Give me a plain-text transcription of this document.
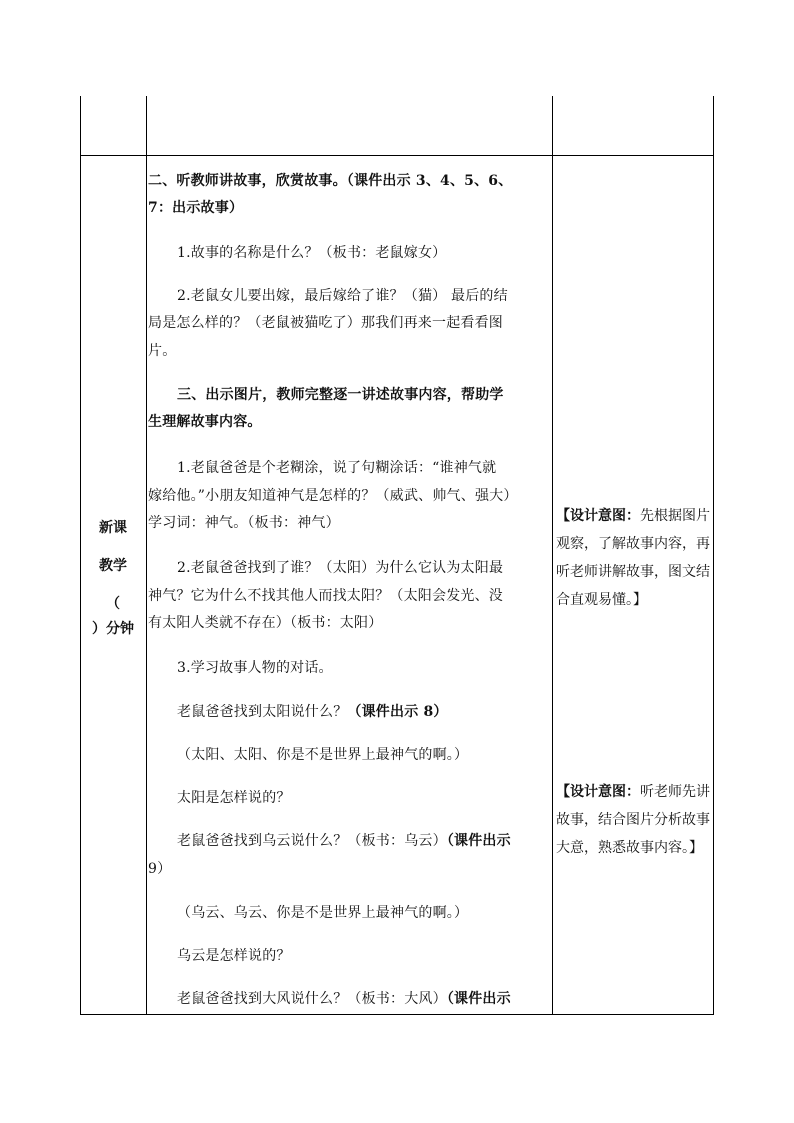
新课
教学
（
）分钟
二、听教师讲故事，欣赏故事。（课件出示 3、4、5、6、
7：出示故事）
1.故事的名称是什么？（板书：老鼠嫁女）
2.老鼠女儿要出嫁，最后嫁给了谁？（猫） 最后的结
局是怎么样的？（老鼠被猫吃了）那我们再来一起看看图
片。
三、出示图片，教师完整逐一讲述故事内容，帮助学
生理解故事内容。
1.老鼠爸爸是个老糊涂，说了句糊涂话：“谁神气就
嫁给他。”小朋友知道神气是怎样的？（威武、帅气、强大）
学习词：神气。（板书：神气）
2.老鼠爸爸找到了谁？（太阳）为什么它认为太阳最
神气？它为什么不找其他人而找太阳？（太阳会发光、没
有太阳人类就不存在）（板书：太阳）
3.学习故事人物的对话。
老鼠爸爸找到太阳说什么？（课件出示 8）
（太阳、太阳、你是不是世界上最神气的啊。）
太阳是怎样说的？
老鼠爸爸找到乌云说什么？（板书：乌云）（课件出示
9）
（乌云、乌云、你是不是世界上最神气的啊。）
乌云是怎样说的？
老鼠爸爸找到大风说什么？（板书：大风）（课件出示
【设计意图：先根据图片观察，了解故事内容，再听老师讲解故事，图文结合直观易懂。】
【设计意图：听老师先讲故事，结合图片分析故事大意，熟悉故事内容。】
